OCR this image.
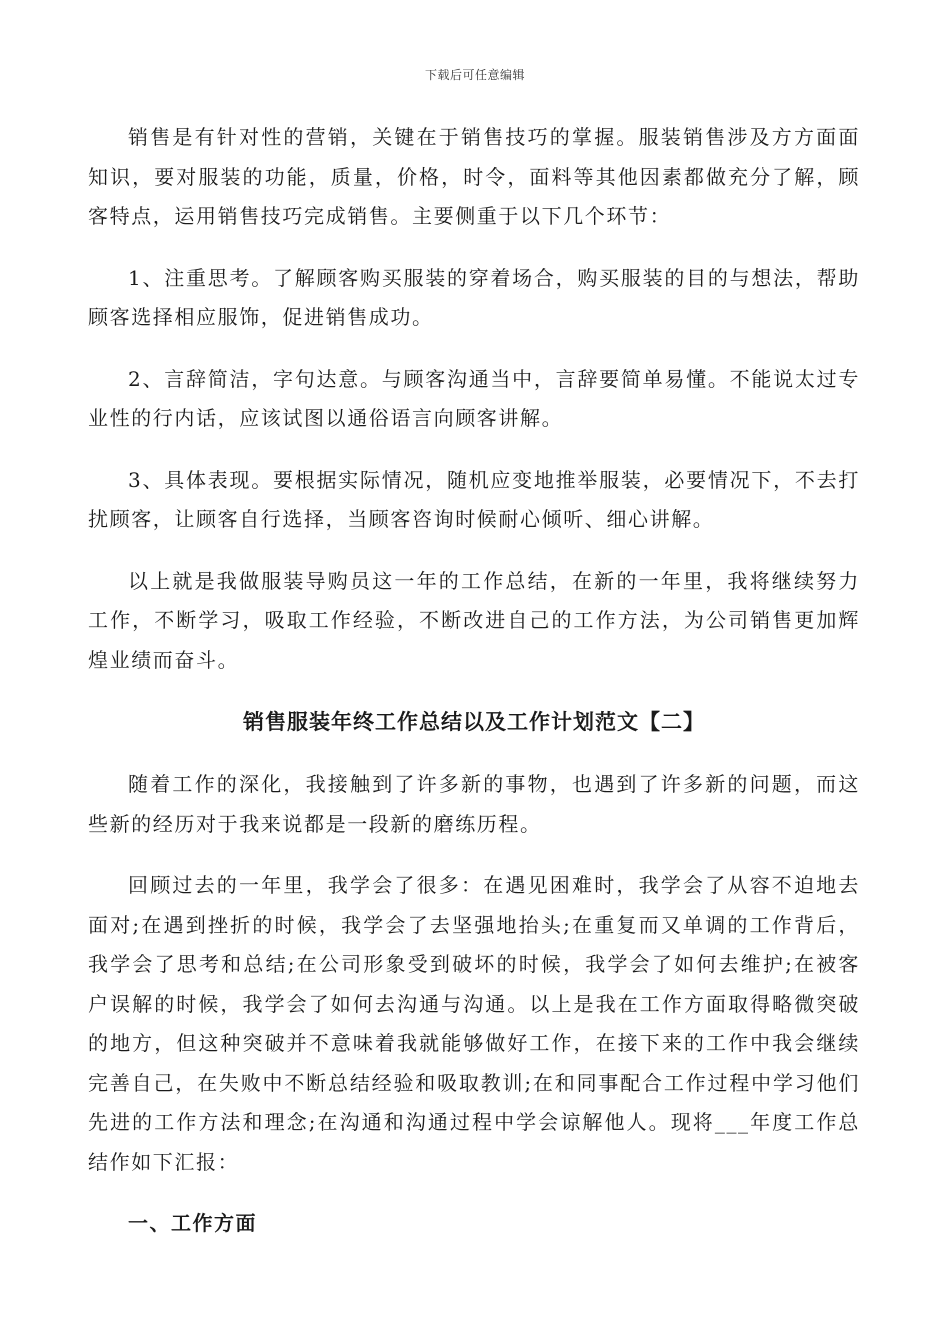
下载后可任意编辑

销售是有针对性的营销，关键在于销售技巧的掌握。服装销售涉及方方面面知识，要对服装的功能，质量，价格，时令，面料等其他因素都做充分了解，顾客特点，运用销售技巧完成销售。主要侧重于以下几个环节：

1、注重思考。了解顾客购买服装的穿着场合，购买服装的目的与想法，帮助顾客选择相应服饰，促进销售成功。

2、言辞简洁，字句达意。与顾客沟通当中，言辞要简单易懂。不能说太过专业性的行内话，应该试图以通俗语言向顾客讲解。

3、具体表现。要根据实际情况，随机应变地推举服装，必要情况下，不去打扰顾客，让顾客自行选择，当顾客咨询时候耐心倾听、细心讲解。

以上就是我做服装导购员这一年的工作总结，在新的一年里，我将继续努力工作，不断学习，吸取工作经验，不断改进自己的工作方法，为公司销售更加辉煌业绩而奋斗。

销售服装年终工作总结以及工作计划范文【二】

随着工作的深化，我接触到了许多新的事物，也遇到了许多新的问题，而这些新的经历对于我来说都是一段新的磨练历程。

回顾过去的一年里，我学会了很多：在遇见困难时，我学会了从容不迫地去面对;在遇到挫折的时候，我学会了去坚强地抬头;在重复而又单调的工作背后，我学会了思考和总结;在公司形象受到破坏的时候，我学会了如何去维护;在被客户误解的时候，我学会了如何去沟通与沟通。以上是我在工作方面取得略微突破的地方，但这种突破并不意味着我就能够做好工作，在接下来的工作中我会继续完善自己，在失败中不断总结经验和吸取教训;在和同事配合工作过程中学习他们先进的工作方法和理念;在沟通和沟通过程中学会谅解他人。现将___年度工作总结作如下汇报：

一、工作方面
